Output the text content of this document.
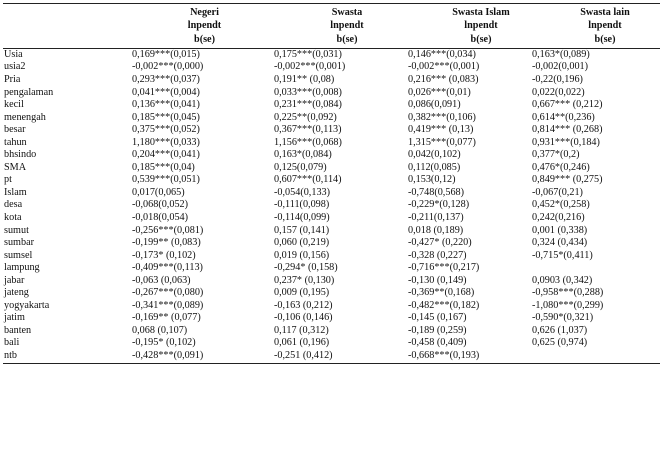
	Negeri	Swasta	Swasta Islam	Swasta lain
	lnpendt	lnpendt	lnpendt	lnpendt
	b(se)	b(se)	b(se)	b(se)
Usia	0,169***(0,015)	0,175***(0,031)	0,146***(0,034)	0,163*(0,089)
usia2	-0,002***(0,000)	-0,002***(0,001)	-0,002***(0,001)	-0,002(0,001)
Pria	0,293***(0,037)	0,191** (0,08)	0,216*** (0,083)	-0,22(0,196)
pengalaman	0,041***(0,004)	0,033***(0,008)	0,026***(0,01)	0,022(0,022)
kecil	0,136***(0,041)	0,231***(0,084)	0,086(0,091)	0,667*** (0,212)
menengah	0,185***(0,045)	0,225**(0,092)	0,382***(0,106)	0,614**(0,236)
besar	0,375***(0,052)	0,367***(0,113)	0,419*** (0,13)	0,814*** (0,268)
tahun	1,180***(0,033)	1,156***(0,068)	1,315***(0,077)	0,931***(0,184)
bhsindo	0,204***(0,041)	0,163*(0,084)	0,042(0,102)	0,377*(0,2)
SMA	0,185***(0,04)	0,125(0,079)	0,112(0,085)	0,476*(0,246)
pt	0,539***(0,051)	0,607***(0,114)	0,153(0,12)	0,849*** (0,275)
Islam	0,017(0,065)	-0,054(0,133)	-0,748(0,568)	-0,067(0,21)
desa	-0,068(0,052)	-0,111(0,098)	-0,229*(0,128)	0,452*(0,258)
kota	-0,018(0,054)	-0,114(0,099)	-0,211(0,137)	0,242(0,216)
sumut	-0,256***(0,081)	0,157 (0,141)	0,018 (0,189)	0,001 (0,338)
sumbar	-0,199** (0,083)	0,060 (0,219)	-0,427* (0,220)	0,324 (0,434)
sumsel	-0,173* (0,102)	0,019 (0,156)	-0,328 (0,227)	-0,715*(0,411)
lampung	-0,409***(0,113)	-0,294* (0,158)	-0,716***(0,217)	
jabar	-0,063 (0,063)	0,237* (0,130)	-0,130 (0,149)	0,0903 (0,342)
jateng	-0,267***(0,080)	0,009 (0,195)	-0,369**(0,168)	-0,958***(0,288)
yogyakarta	-0,341***(0,089)	-0,163 (0,212)	-0,482***(0,182)	-1,080***(0,299)
jatim	-0,169** (0,077)	-0,106 (0,146)	-0,145 (0,167)	-0,590*(0,321)
banten	0,068 (0,107)	0,117 (0,312)	-0,189 (0,259)	0,626 (1,037)
bali	-0,195* (0,102)	0,061 (0,196)	-0,458 (0,409)	0,625 (0,974)
ntb	-0,428***(0,091)	-0,251 (0,412)	-0,668***(0,193)	
